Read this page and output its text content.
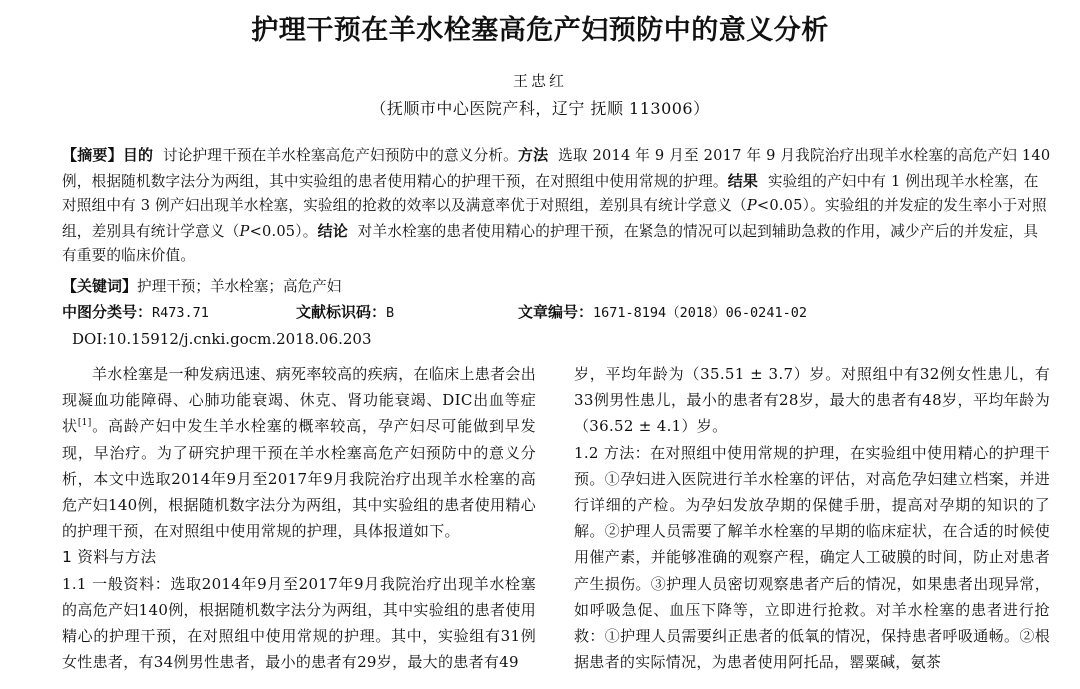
护理干预在羊水栓塞高危产妇预防中的意义分析
王忠红
（抚顺市中心医院产科，辽宁 抚顺 113006）
【摘要】目的 讨论护理干预在羊水栓塞高危产妇预防中的意义分析。方法 选取 2014 年 9 月至 2017 年 9 月我院治疗出现羊水栓塞的高危产妇 140 例，根据随机数字法分为两组，其中实验组的患者使用精心的护理干预，在对照组中使用常规的护理。结果 实验组的产妇中有 1 例出现羊水栓塞，在对照组中有 3 例产妇出现羊水栓塞，实验组的抢救的效率以及满意率优于对照组，差别具有统计学意义（P<0.05）。实验组的并发症的发生率小于对照组，差别具有统计学意义（P<0.05）。结论 对羊水栓塞的患者使用精心的护理干预，在紧急的情况可以起到辅助急救的作用，减少产后的并发症，具有重要的临床价值。
【关键词】护理干预；羊水栓塞；高危产妇
中图分类号：R473.71	文献标识码：B	文章编号：1671-8194（2018）06-0241-02
DOI:10.15912/j.cnki.gocm.2018.06.203

羊水栓塞是一种发病迅速、病死率较高的疾病，在临床上患者会出现凝血功能障碍、心肺功能衰竭、休克、肾功能衰竭、DIC出血等症状[1]。高龄产妇中发生羊水栓塞的概率较高，孕产妇尽可能做到早发现，早治疗。为了研究护理干预在羊水栓塞高危产妇预防中的意义分析，本文中选取2014年9月至2017年9月我院治疗出现羊水栓塞的高危产妇140例，根据随机数字法分为两组，其中实验组的患者使用精心的护理干预，在对照组中使用常规的护理，具体报道如下。

1 资料与方法

1.1 一般资料：选取2014年9月至2017年9月我院治疗出现羊水栓塞的高危产妇140例，根据随机数字法分为两组，其中实验组的患者使用精心的护理干预，在对照组中使用常规的护理。其中，实验组有31例女性患者，有34例男性患者，最小的患者有29岁，最大的患者有49

岁，平均年龄为（35.51 ± 3.7）岁。对照组中有32例女性患儿，有33例男性患儿，最小的患者有28岁，最大的患者有48岁，平均年龄为（36.52 ± 4.1）岁。

1.2 方法：在对照组中使用常规的护理，在实验组中使用精心的护理干预。①孕妇进入医院进行羊水栓塞的评估，对高危孕妇建立档案，并进行详细的产检。为孕妇发放孕期的保健手册，提高对孕期的知识的了解。②护理人员需要了解羊水栓塞的早期的临床症状，在合适的时候使用催产素，并能够准确的观察产程，确定人工破膜的时间，防止对患者产生损伤。③护理人员密切观察患者产后的情况，如果患者出现异常，如呼吸急促、血压下降等，立即进行抢救。对羊水栓塞的患者进行抢救：①护理人员需要纠正患者的低氧的情况，保持患者呼吸通畅。②根据患者的实际情况，为患者使用阿托品，罂粟碱，氨茶
